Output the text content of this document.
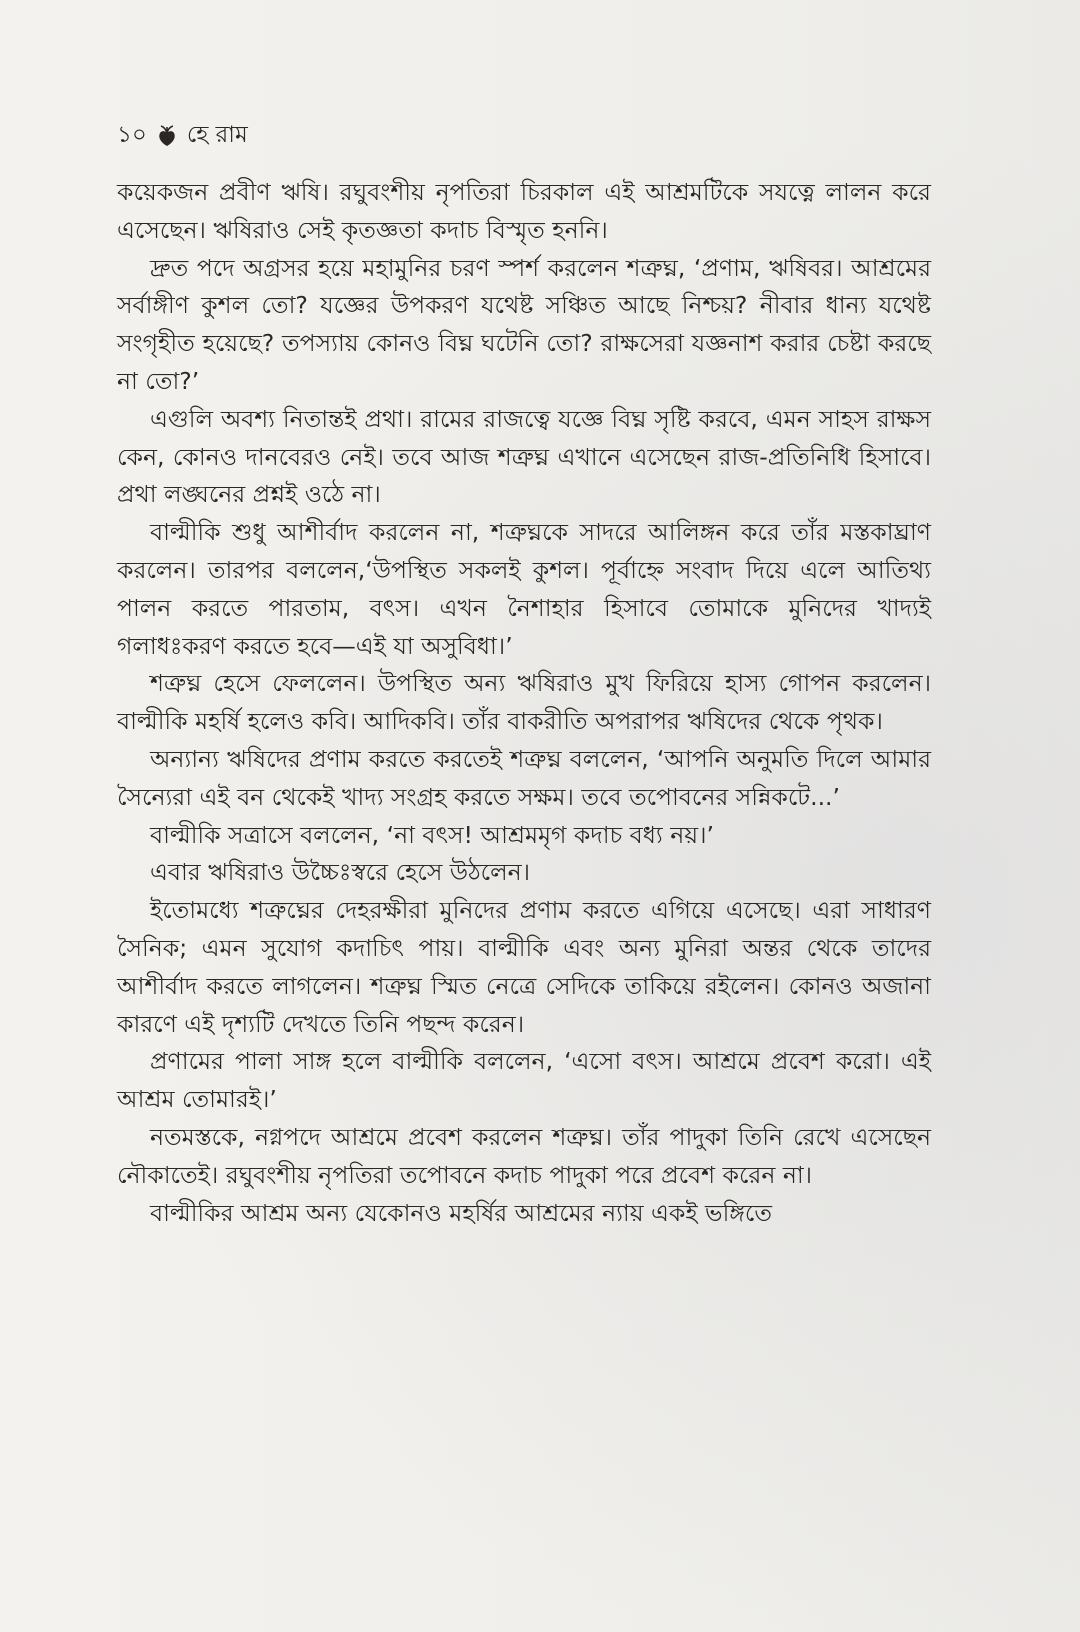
১০ হে রাম

কয়েকজন প্রবীণ ঋষি। রঘুবংশীয় নৃপতিরা চিরকাল এই আশ্রমটিকে সযত্নে লালন করে এসেছেন। ঋষিরাও সেই কৃতজ্ঞতা কদাচ বিস্মৃত হননি।

দ্রুত পদে অগ্রসর হয়ে মহামুনির চরণ স্পর্শ করলেন শত্রুঘ্ন, ‘প্রণাম, ঋষিবর। আশ্রমের সর্বাঙ্গীণ কুশল তো? যজ্ঞের উপকরণ যথেষ্ট সঞ্চিত আছে নিশ্চয়? নীবার ধান্য যথেষ্ট সংগৃহীত হয়েছে? তপস্যায় কোনও বিঘ্ন ঘটেনি তো? রাক্ষসেরা যজ্ঞনাশ করার চেষ্টা করছে না তো?’

এগুলি অবশ্য নিতান্তই প্রথা। রামের রাজত্বে যজ্ঞে বিঘ্ন সৃষ্টি করবে, এমন সাহস রাক্ষস কেন, কোনও দানবেরও নেই। তবে আজ শত্রুঘ্ন এখানে এসেছেন রাজ-প্রতিনিধি হিসাবে। প্রথা লঙ্ঘনের প্রশ্নই ওঠে না।

বাল্মীকি শুধু আশীর্বাদ করলেন না, শত্রুঘ্নকে সাদরে আলিঙ্গন করে তাঁর মস্তকাঘ্রাণ করলেন। তারপর বললেন,‘উপস্থিত সকলই কুশল। পূর্বাহ্নে সংবাদ দিয়ে এলে আতিথ্য পালন করতে পারতাম, বৎস। এখন নৈশাহার হিসাবে তোমাকে মুনিদের খাদ্যই গলাধঃকরণ করতে হবে—এই যা অসুবিধা।’

শত্রুঘ্ন হেসে ফেললেন। উপস্থিত অন্য ঋষিরাও মুখ ফিরিয়ে হাস্য গোপন করলেন। বাল্মীকি মহর্ষি হলেও কবি। আদিকবি। তাঁর বাকরীতি অপরাপর ঋষিদের থেকে পৃথক।

অন্যান্য ঋষিদের প্রণাম করতে করতেই শত্রুঘ্ন বললেন, ‘আপনি অনুমতি দিলে আমার সৈন্যেরা এই বন থেকেই খাদ্য সংগ্রহ করতে সক্ষম। তবে তপোবনের সন্নিকটে...’

বাল্মীকি সত্রাসে বললেন, ‘না বৎস! আশ্রমমৃগ কদাচ বধ্য নয়।’

এবার ঋষিরাও উচ্চৈঃস্বরে হেসে উঠলেন।

ইতোমধ্যে শত্রুঘ্নের দেহরক্ষীরা মুনিদের প্রণাম করতে এগিয়ে এসেছে। এরা সাধারণ সৈনিক; এমন সুযোগ কদাচিৎ পায়। বাল্মীকি এবং অন্য মুনিরা অন্তর থেকে তাদের আশীর্বাদ করতে লাগলেন। শত্রুঘ্ন স্মিত নেত্রে সেদিকে তাকিয়ে রইলেন। কোনও অজানা কারণে এই দৃশ্যটি দেখতে তিনি পছন্দ করেন।

প্রণামের পালা সাঙ্গ হলে বাল্মীকি বললেন, ‘এসো বৎস। আশ্রমে প্রবেশ করো। এই আশ্রম তোমারই।’

নতমস্তকে, নগ্নপদে আশ্রমে প্রবেশ করলেন শত্রুঘ্ন। তাঁর পাদুকা তিনি রেখে এসেছেন নৌকাতেই। রঘুবংশীয় নৃপতিরা তপোবনে কদাচ পাদুকা পরে প্রবেশ করেন না।

বাল্মীকির আশ্রম অন্য যেকোনও মহর্ষির আশ্রমের ন্যায় একই ভঙ্গিতে
